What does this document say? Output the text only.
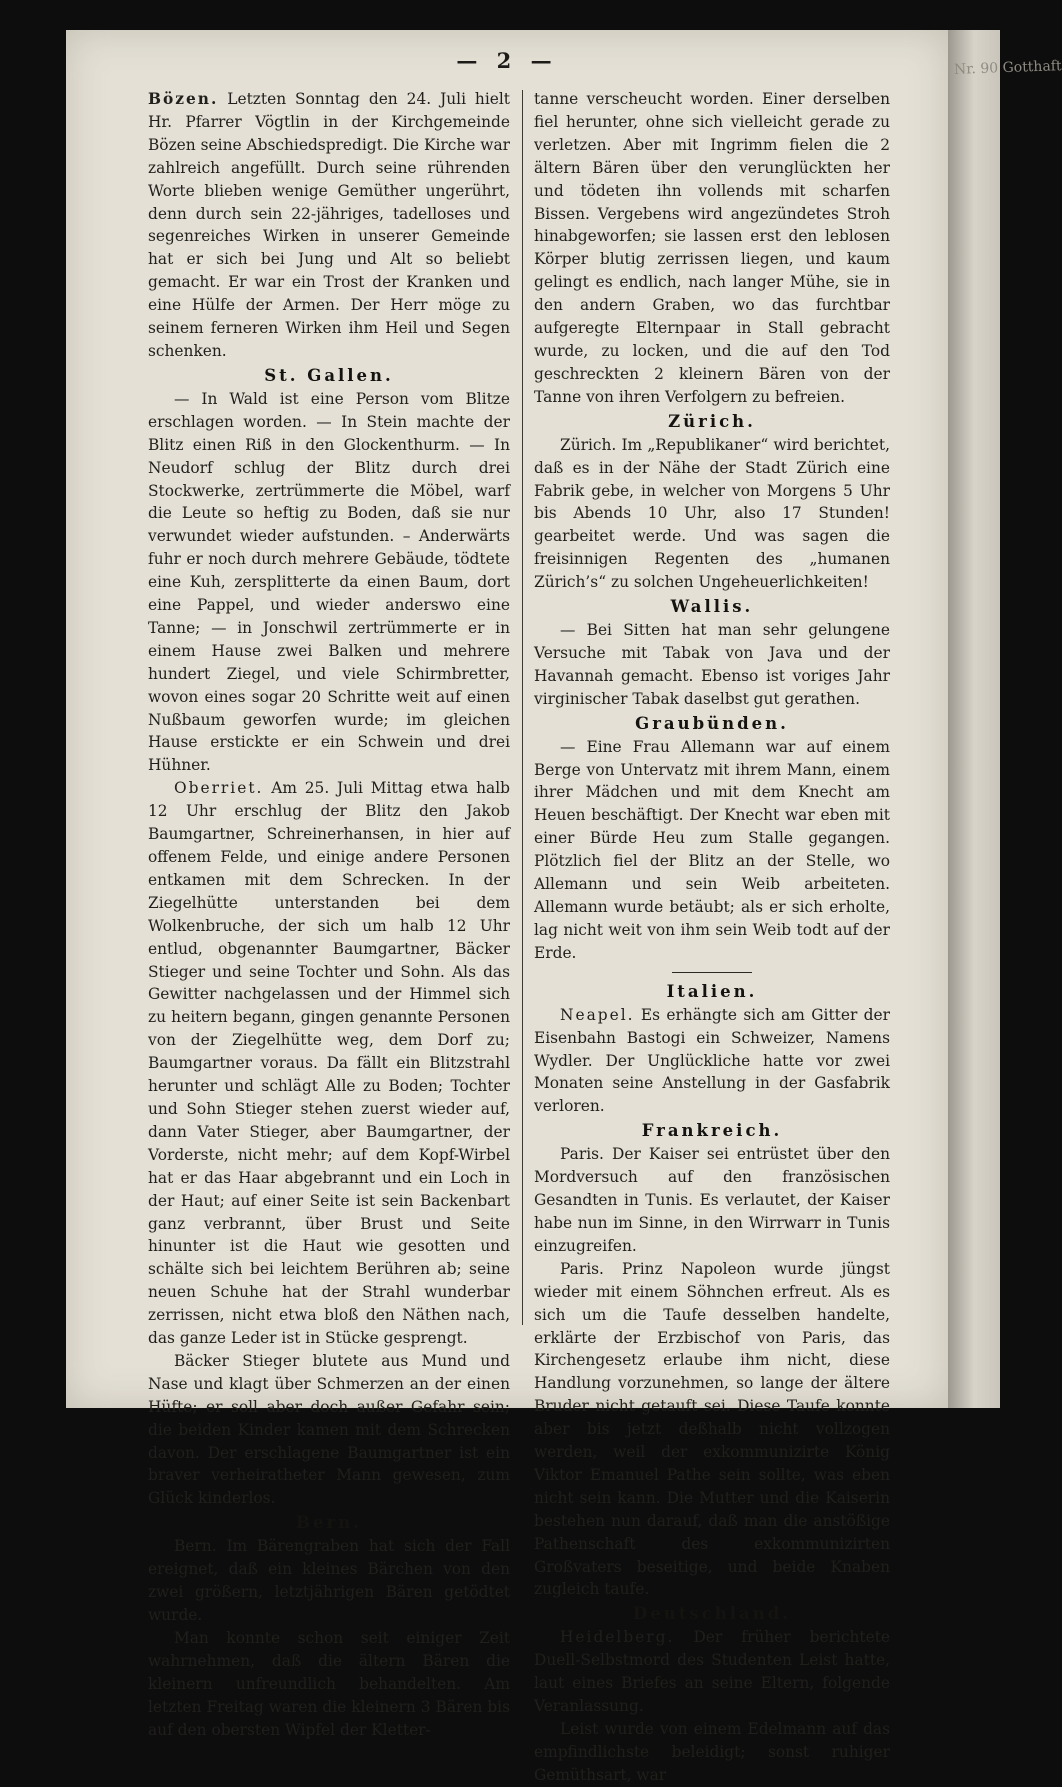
— 2 —

Bözen. Letzten Sonntag den 24. Juli hielt Hr. Pfarrer Vögtlin in der Kirchgemeinde Bözen seine Abschiedspredigt. Die Kirche war zahlreich angefüllt. Durch seine rührenden Worte blieben wenige Gemüther ungerührt, denn durch sein 22-jähriges, tadelloses und segenreiches Wirken in unserer Gemeinde hat er sich bei Jung und Alt so beliebt gemacht. Er war ein Trost der Kranken und eine Hülfe der Armen. Der Herr möge zu seinem ferneren Wirken ihm Heil und Segen schenken.

St. Gallen.

— In Wald ist eine Person vom Blitze erschlagen worden. — In Stein machte der Blitz einen Riß in den Glockenthurm. — In Neudorf schlug der Blitz durch drei Stockwerke, zertrümmerte die Möbel, warf die Leute so heftig zu Boden, daß sie nur verwundet wieder aufstunden. – Anderwärts fuhr er noch durch mehrere Gebäude, tödtete eine Kuh, zersplitterte da einen Baum, dort eine Pappel, und wieder anderswo eine Tanne; — in Jonschwil zertrümmerte er in einem Hause zwei Balken und mehrere hundert Ziegel, und viele Schirmbretter, wovon eines sogar 20 Schritte weit auf einen Nußbaum geworfen wurde; im gleichen Hause erstickte er ein Schwein und drei Hühner.

Oberriet. Am 25. Juli Mittag etwa halb 12 Uhr erschlug der Blitz den Jakob Baumgartner, Schreinerhansen, in hier auf offenem Felde, und einige andere Personen entkamen mit dem Schrecken. In der Ziegelhütte unterstanden bei dem Wolkenbruche, der sich um halb 12 Uhr entlud, obgenannter Baumgartner, Bäcker Stieger und seine Tochter und Sohn. Als das Gewitter nachgelassen und der Himmel sich zu heitern begann, gingen genannte Personen von der Ziegelhütte weg, dem Dorf zu; Baumgartner voraus. Da fällt ein Blitzstrahl herunter und schlägt Alle zu Boden; Tochter und Sohn Stieger stehen zuerst wieder auf, dann Vater Stieger, aber Baumgartner, der Vorderste, nicht mehr; auf dem Kopf-Wirbel hat er das Haar abgebrannt und ein Loch in der Haut; auf einer Seite ist sein Backenbart ganz verbrannt, über Brust und Seite hinunter ist die Haut wie gesotten und schälte sich bei leichtem Berühren ab; seine neuen Schuhe hat der Strahl wunderbar zerrissen, nicht etwa bloß den Näthen nach, das ganze Leder ist in Stücke gesprengt.

Bäcker Stieger blutete aus Mund und Nase und klagt über Schmerzen an der einen Hüfte; er soll aber doch außer Gefahr sein; die beiden Kinder kamen mit dem Schrecken davon. Der erschlagene Baumgartner ist ein braver verheiratheter Mann gewesen, zum Glück kinderlos.

Bern.

Bern. Im Bärengraben hat sich der Fall ereignet, daß ein kleines Bärchen von den zwei größern, letztjährigen Bären getödtet wurde.

Man konnte schon seit einiger Zeit wahrnehmen, daß die ältern Bären die kleinern unfreundlich behandelten. Am letzten Freitag waren die kleinern 3 Bären bis auf den obersten Wipfel der Kletter-

tanne verscheucht worden. Einer derselben fiel herunter, ohne sich vielleicht gerade zu verletzen. Aber mit Ingrimm fielen die 2 ältern Bären über den verunglückten her und tödeten ihn vollends mit scharfen Bissen. Vergebens wird angezündetes Stroh hinabgeworfen; sie lassen erst den leblosen Körper blutig zerrissen liegen, und kaum gelingt es endlich, nach langer Mühe, sie in den andern Graben, wo das furchtbar aufgeregte Elternpaar in Stall gebracht wurde, zu locken, und die auf den Tod geschreckten 2 kleinern Bären von der Tanne von ihren Verfolgern zu befreien.

Zürich.

Zürich. Im „Republikaner“ wird berichtet, daß es in der Nähe der Stadt Zürich eine Fabrik gebe, in welcher von Morgens 5 Uhr bis Abends 10 Uhr, also 17 Stunden! gearbeitet werde. Und was sagen die freisinnigen Regenten des „humanen Zürich’s“ zu solchen Ungeheuerlichkeiten!

Wallis.

— Bei Sitten hat man sehr gelungene Versuche mit Tabak von Java und der Havannah gemacht. Ebenso ist voriges Jahr virginischer Tabak daselbst gut gerathen.

Graubünden.

— Eine Frau Allemann war auf einem Berge von Untervatz mit ihrem Mann, einem ihrer Mädchen und mit dem Knecht am Heuen beschäftigt. Der Knecht war eben mit einer Bürde Heu zum Stalle gegangen. Plötzlich fiel der Blitz an der Stelle, wo Allemann und sein Weib arbeiteten. Allemann wurde betäubt; als er sich erholte, lag nicht weit von ihm sein Weib todt auf der Erde.

Italien.

Neapel. Es erhängte sich am Gitter der Eisenbahn Bastogi ein Schweizer, Namens Wydler. Der Unglückliche hatte vor zwei Monaten seine Anstellung in der Gasfabrik verloren.

Frankreich.

Paris. Der Kaiser sei entrüstet über den Mordversuch auf den französischen Gesandten in Tunis. Es verlautet, der Kaiser habe nun im Sinne, in den Wirrwarr in Tunis einzugreifen.

Paris. Prinz Napoleon wurde jüngst wieder mit einem Söhnchen erfreut. Als es sich um die Taufe desselben handelte, erklärte der Erzbischof von Paris, das Kirchengesetz erlaube ihm nicht, diese Handlung vorzunehmen, so lange der ältere Bruder nicht getauft sei. Diese Taufe konnte aber bis jetzt deßhalb nicht vollzogen werden, weil der exkommunizirte König Viktor Emanuel Pathe sein sollte, was eben nicht sein kann. Die Mutter und die Kaiserin bestehen nun darauf, daß man die anstößige Pathenschaft des exkommunizirten Großvaters beseitige, und beide Knaben zugleich taufe.

Deutschland.

Heidelberg. Der früher berichtete Duell-Selbstmord des Studenten Leist hatte, laut eines Briefes an seine Eltern, folgende Veranlassung.

Leist wurde von einem Edelmann auf das empfindlichste beleidigt; sonst ruhiger Gemüthsart, war

Nr. 90 Gotthaft
